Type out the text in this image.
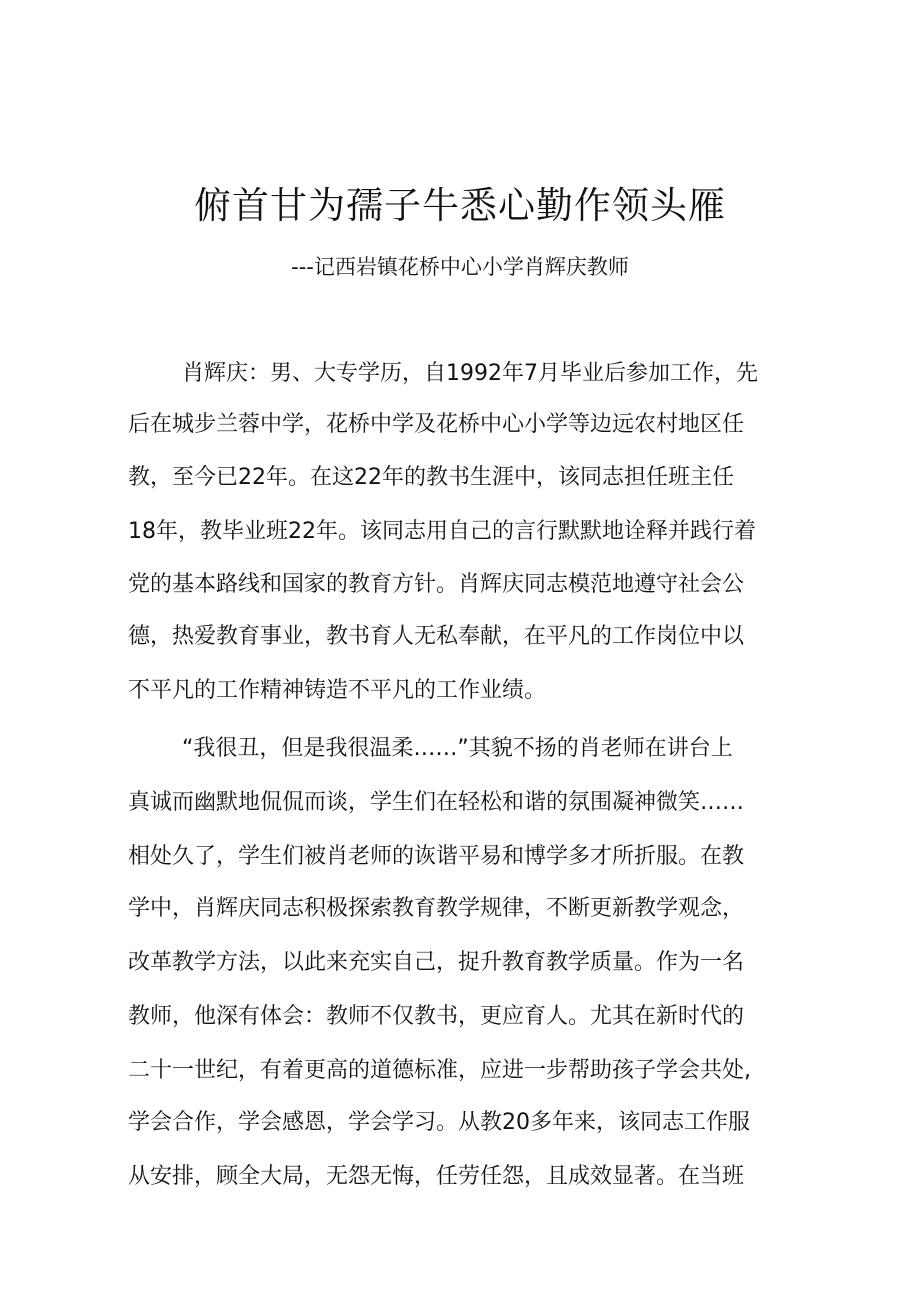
俯首甘为孺子牛悉心勤作领头雁
---记西岩镇花桥中心小学肖辉庆教师
肖辉庆：男、大专学历，自1992年7月毕业后参加工作，先
后在城步兰蓉中学，花桥中学及花桥中心小学等边远农村地区任
教，至今已22年。在这22年的教书生涯中，该同志担任班主任
18年，教毕业班22年。该同志用自己的言行默默地诠释并践行着
党的基本路线和国家的教育方针。肖辉庆同志模范地遵守社会公
德，热爱教育事业，教书育人无私奉献，在平凡的工作岗位中以
不平凡的工作精神铸造不平凡的工作业绩。
“我很丑，但是我很温柔……”其貌不扬的肖老师在讲台上
真诚而幽默地侃侃而谈，学生们在轻松和谐的氛围凝神微笑……
相处久了，学生们被肖老师的诙谐平易和博学多才所折服。在教
学中，肖辉庆同志积极探索教育教学规律，不断更新教学观念，
改革教学方法，以此来充实自己，捉升教育教学质量。作为一名
教师，他深有体会：教师不仅教书，更应育人。尤其在新时代的
二十一世纪，有着更高的道德标准，应进一步帮助孩子学会共处,
学会合作，学会感恩，学会学习。从教20多年来，该同志工作服
从安排，顾全大局，无怨无悔，任劳任怨，且成效显著。在当班
